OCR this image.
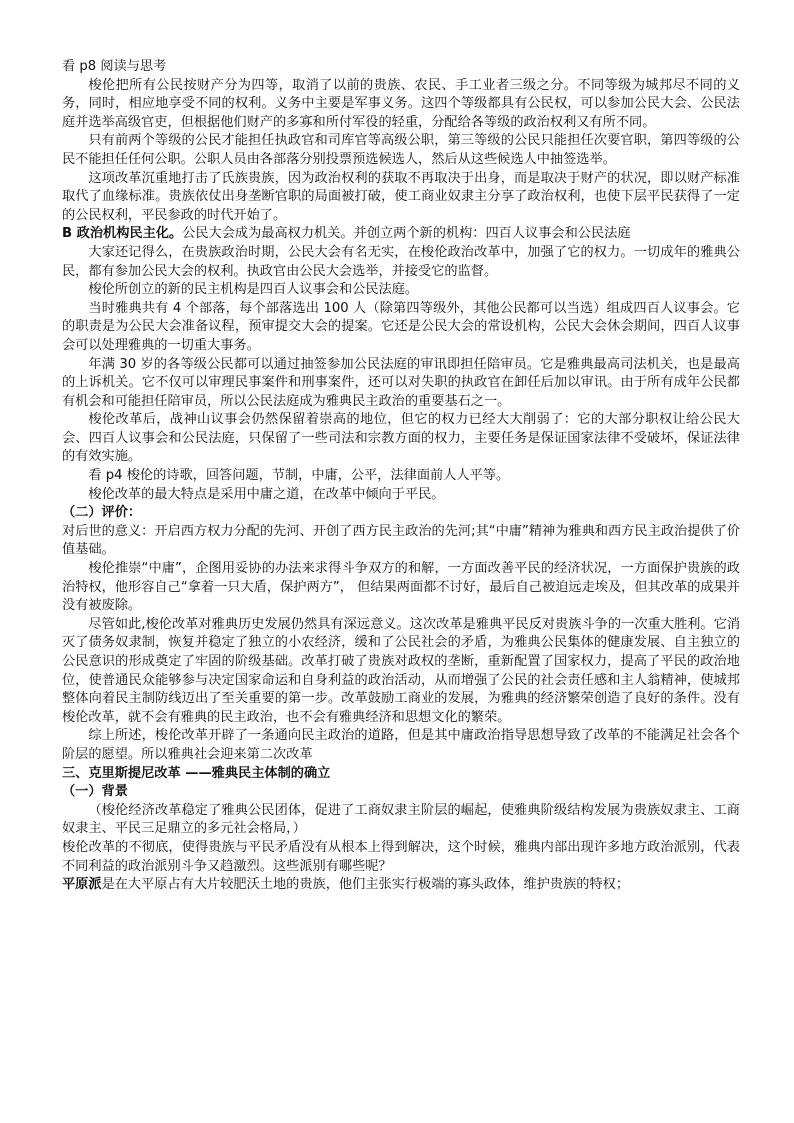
看 p8 阅读与思考

梭伦把所有公民按财产分为四等，取消了以前的贵族、农民、手工业者三级之分。不同等级为城邦尽不同的义务，同时，相应地享受不同的权利。义务中主要是军事义务。这四个等级都具有公民权，可以参加公民大会、公民法庭并选举高级官吏，但根据他们财产的多寡和所付军役的轻重，分配给各等级的政治权利又有所不同。

只有前两个等级的公民才能担任执政官和司库官等高级公职，第三等级的公民只能担任次要官职，第四等级的公民不能担任任何公职。公职人员由各部落分别投票预选候选人，然后从这些候选人中抽签选举。

这项改革沉重地打击了氏族贵族，因为政治权利的获取不再取决于出身，而是取决于财产的状况，即以财产标准取代了血缘标准。贵族依仗出身垄断官职的局面被打破，使工商业奴隶主分享了政治权利，也使下层平民获得了一定的公民权利，平民参政的时代开始了。

B 政治机构民主化。公民大会成为最高权力机关。并创立两个新的机构：四百人议事会和公民法庭

大家还记得么，在贵族政治时期，公民大会有名无实，在梭伦政治改革中，加强了它的权力。一切成年的雅典公民，都有参加公民大会的权利。执政官由公民大会选举，并接受它的监督。

梭伦所创立的新的民主机构是四百人议事会和公民法庭。

当时雅典共有 4 个部落，每个部落选出 100 人（除第四等级外，其他公民都可以当选）组成四百人议事会。它的职责是为公民大会准备议程，预审提交大会的提案。它还是公民大会的常设机构，公民大会休会期间，四百人议事会可以处理雅典的一切重大事务。

年满 30 岁的各等级公民都可以通过抽签参加公民法庭的审讯即担任陪审员。它是雅典最高司法机关，也是最高的上诉机关。它不仅可以审理民事案件和刑事案件，还可以对失职的执政官在卸任后加以审讯。由于所有成年公民都有机会和可能担任陪审员，所以公民法庭成为雅典民主政治的重要基石之一。

梭伦改革后，战神山议事会仍然保留着崇高的地位，但它的权力已经大大削弱了：它的大部分职权让给公民大会、四百人议事会和公民法庭，只保留了一些司法和宗教方面的权力，主要任务是保证国家法律不受破坏，保证法律的有效实施。

看 p4 梭伦的诗歌，回答问题，节制，中庸，公平，法律面前人人平等。

梭伦改革的最大特点是采用中庸之道，在改革中倾向于平民。

（二）评价：

对后世的意义：开启西方权力分配的先河、开创了西方民主政治的先河;其“中庸”精神为雅典和西方民主政治提供了价值基础。

梭伦推崇“中庸”，企图用妥协的办法来求得斗争双方的和解，一方面改善平民的经济状况，一方面保护贵族的政治特权，他形容自己“拿着一只大盾，保护两方”， 但结果两面都不讨好，最后自己被迫远走埃及，但其改革的成果并没有被废除。

尽管如此,梭伦改革对雅典历史发展仍然具有深远意义。这次改革是雅典平民反对贵族斗争的一次重大胜利。它消灭了债务奴隶制，恢复并稳定了独立的小农经济，缓和了公民社会的矛盾，为雅典公民集体的健康发展、自主独立的公民意识的形成奠定了牢固的阶级基础。改革打破了贵族对政权的垄断，重新配置了国家权力，提高了平民的政治地位，使普通民众能够参与决定国家命运和自身利益的政治活动，从而增强了公民的社会责任感和主人翁精神，使城邦整体向着民主制防线迈出了至关重要的第一步。改革鼓励工商业的发展，为雅典的经济繁荣创造了良好的条件。没有梭伦改革，就不会有雅典的民主政治，也不会有雅典经济和思想文化的繁荣。

综上所述，梭伦改革开辟了一条通向民主政治的道路，但是其中庸政治指导思想导致了改革的不能满足社会各个阶层的愿望。所以雅典社会迎来第二次改革

三、克里斯提尼改革 ——雅典民主体制的确立

（一）背景

（梭伦经济改革稳定了雅典公民团体，促进了工商奴隶主阶层的崛起，使雅典阶级结构发展为贵族奴隶主、工商奴隶主、平民三足鼎立的多元社会格局，）

梭伦改革的不彻底，使得贵族与平民矛盾没有从根本上得到解决，这个时候，雅典内部出现许多地方政治派别，代表不同利益的政治派别斗争又趋激烈。这些派别有哪些呢？

平原派是在大平原占有大片较肥沃土地的贵族，他们主张实行极端的寡头政体，维护贵族的特权；
